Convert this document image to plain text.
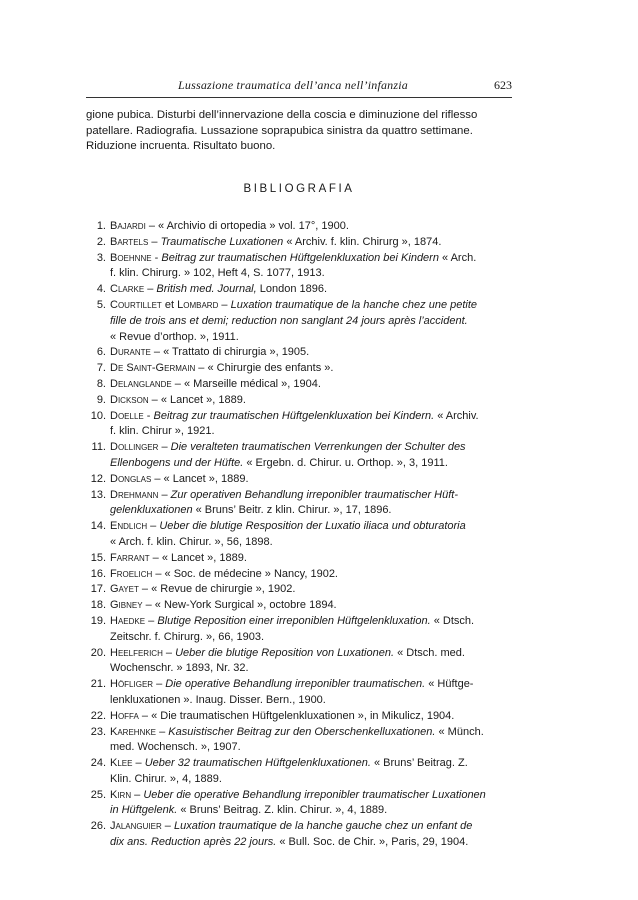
Lussazione traumatica dell’anca nell’infanzia	623
gione pubica. Disturbi dell’innervazione della coscia e diminuzione del riflesso
patellare. Radiografia. Lussazione soprapubica sinistra da quattro settimane.
Riduzione incruenta. Risultato buono.
BIBLIOGRAFIA
1. Bajardi – « Archivio di ortopedia » vol. 17°, 1900.
2. Bartels – Traumatische Luxationen « Archiv. f. klin. Chirurg », 1874.
3. Boehnne - Beitrag zur traumatischen Hüftgelenkluxation bei Kindern « Arch.
f. klin. Chirurg. » 102, Heft 4, S. 1077, 1913.
4. Clarke – British med. Journal, London 1896.
5. Courtillet et Lombard – Luxation traumatique de la hanche chez une petite
fille de trois ans et demi; reduction non sanglant 24 jours après l’accident.
« Revue d’orthop. », 1911.
6. Durante – « Trattato di chirurgia », 1905.
7. De Saint-Germain – « Chirurgie des enfants ».
8. Delanglande – « Marseille médical », 1904.
9. Dickson – « Lancet », 1889.
10. Doelle - Beitrag zur traumatischen Hüftgelenkluxation bei Kindern. « Archiv.
f. klin. Chirur », 1921.
11. Dollinger – Die veralteten traumatischen Verrenkungen der Schulter des
Ellenbogens und der Hüfte. « Ergebn. d. Chirur. u. Orthop. », 3, 1911.
12. Donglas – « Lancet », 1889.
13. Drehmann – Zur operativen Behandlung irreponibler traumatischer Hüft-
gelenkluxationen « Bruns’ Beitr. z klin. Chirur. », 17, 1896.
14. Endlich – Ueber die blutige Resposition der Luxatio iliaca und obturatoria
« Arch. f. klin. Chirur. », 56, 1898.
15. Farrant – « Lancet », 1889.
16. Froelich – « Soc. de médecine » Nancy, 1902.
17. Gayet – « Revue de chirurgie », 1902.
18. Gibney – « New-York Surgical », octobre 1894.
19. Haedke – Blutige Reposition einer irreponiblen Hüftgelenkluxation. « Dtsch.
Zeitschr. f. Chirurg. », 66, 1903.
20. Heelferich – Ueber die blutige Reposition von Luxationen. « Dtsch. med.
Wochenschr. » 1893, Nr. 32.
21. Höfliger – Die operative Behandlung irreponibler traumatischen. « Hüftge-
lenkluxationen ». Inaug. Disser. Bern., 1900.
22. Hoffa – « Die traumatischen Hüftgelenkluxationen », in Mikulicz, 1904.
23. Karehnke – Kasuistischer Beitrag zur den Oberschenkelluxationen. « Münch.
med. Wochensch. », 1907.
24. Klee – Ueber 32 traumatischen Hüftgelenkluxationen. « Bruns’ Beitrag. Z.
Klin. Chirur. », 4, 1889.
25. Kirn – Ueber die operative Behandlung irreponibler traumatischer Luxationen
in Hüftgelenk. « Bruns’ Beitrag. Z. klin. Chirur. », 4, 1889.
26. Jalanguier – Luxation traumatique de la hanche gauche chez un enfant de
dix ans. Reduction après 22 jours. « Bull. Soc. de Chir. », Paris, 29, 1904.
